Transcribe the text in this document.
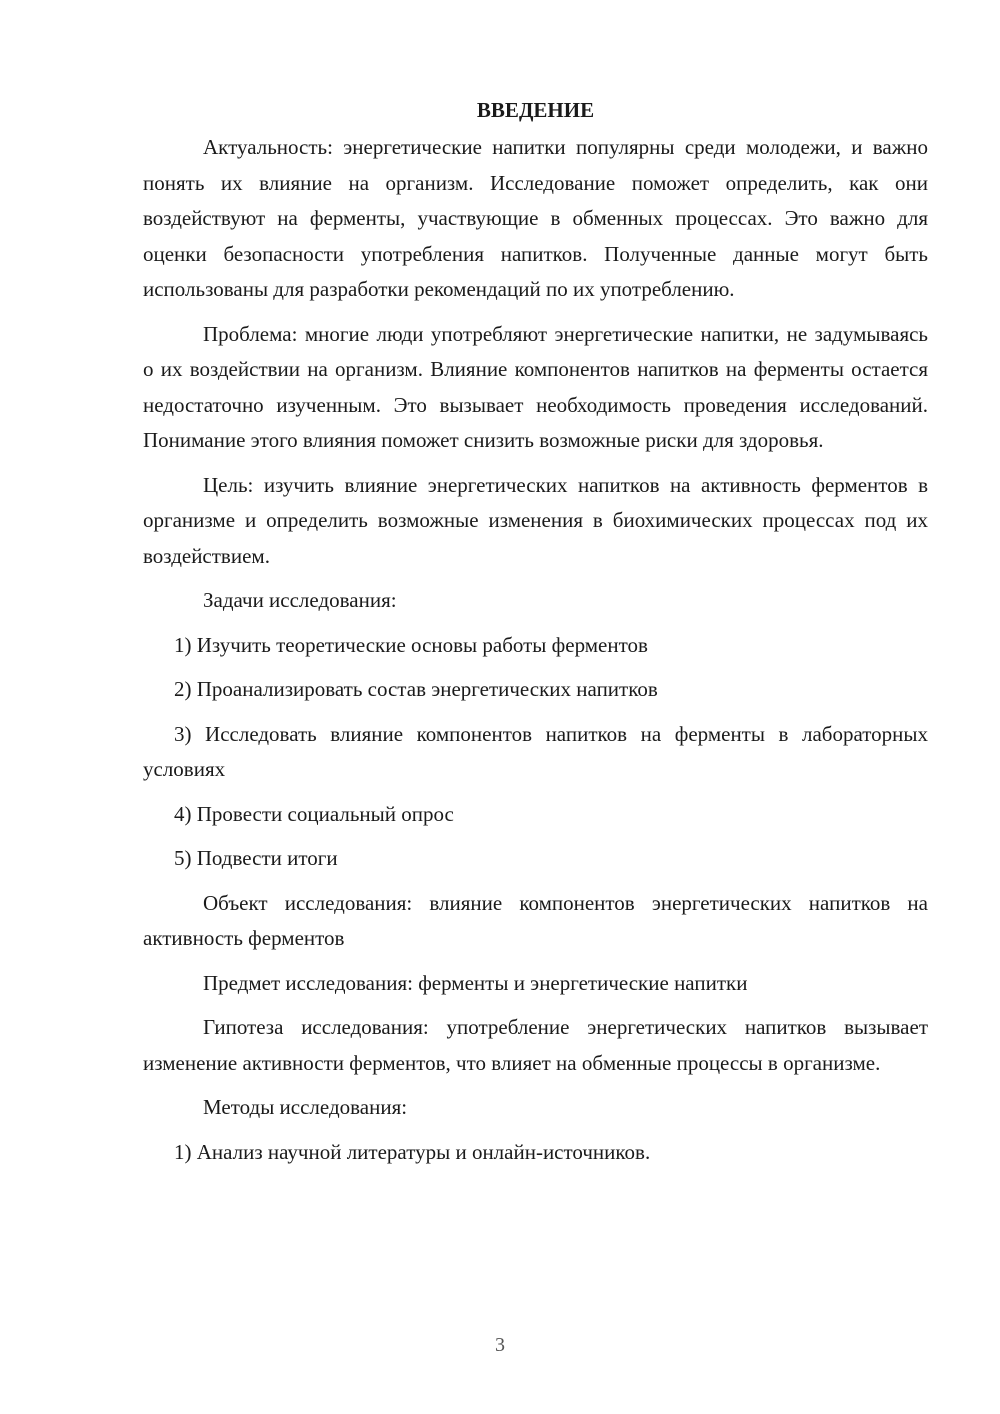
ВВЕДЕНИЕ

Актуальность: энергетические напитки популярны среди молодежи, и важно понять их влияние на организм. Исследование поможет определить, как они воздействуют на ферменты, участвующие в обменных процессах. Это важно для оценки безопасности употребления напитков. Полученные данные могут быть использованы для разработки рекомендаций по их употреблению.

Проблема: многие люди употребляют энергетические напитки, не задумываясь о их воздействии на организм. Влияние компонентов напитков на ферменты остается недостаточно изученным. Это вызывает необходимость проведения исследований. Понимание этого влияния поможет снизить возможные риски для здоровья.

Цель: изучить влияние энергетических напитков на активность ферментов в организме и определить возможные изменения в биохимических процессах под их воздействием.

Задачи исследования:

1) Изучить теоретические основы работы ферментов

2) Проанализировать состав энергетических напитков

3) Исследовать влияние компонентов напитков на ферменты в лабораторных условиях

4) Провести социальный опрос

5) Подвести итоги

Объект исследования: влияние компонентов энергетических напитков на активность ферментов

Предмет исследования: ферменты и энергетические напитки

Гипотеза исследования: употребление энергетических напитков вызывает изменение активности ферментов, что влияет на обменные процессы в организме.

Методы исследования:

1) Анализ научной литературы и онлайн-источников.

3
